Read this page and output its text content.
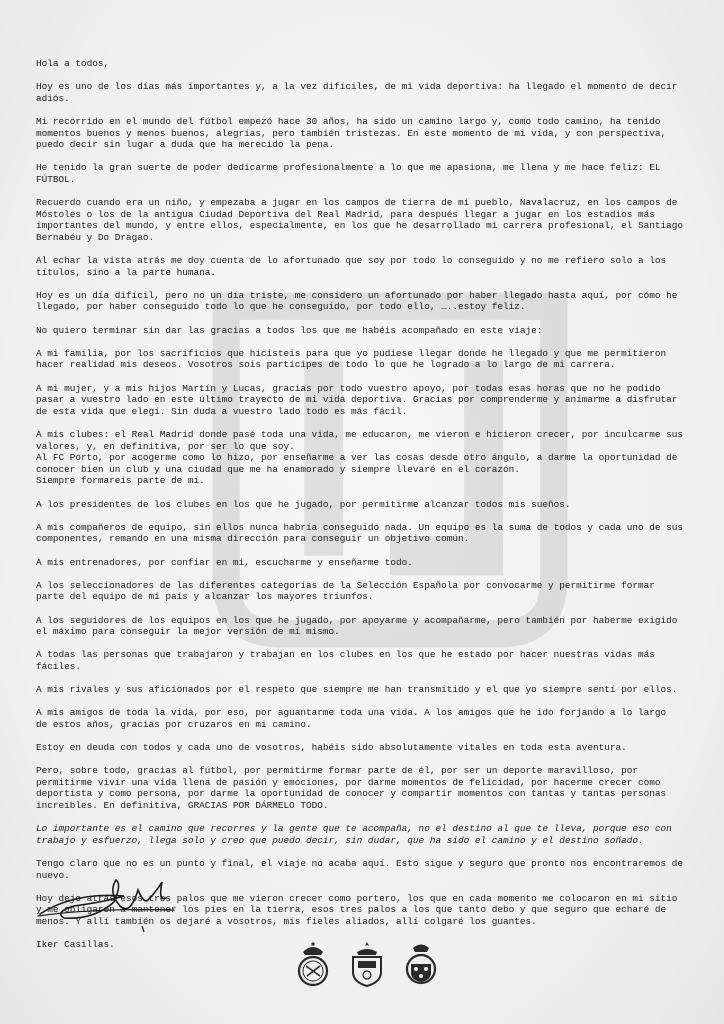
Hola a todos,

Hoy es uno de los días más importantes y, a la vez difíciles, de mi vida deportiva: ha llegado el momento de decir
adiós.

Mi recorrido en el mundo del fútbol empezó hace 30 años, ha sido un camino largo y, como todo camino, ha tenido
momentos buenos y menos buenos, alegrías, pero también tristezas. En este momento de mi vida, y con perspectiva,
puedo decir sin lugar a duda que ha merecido la pena.

He tenido la gran suerte de poder dedicarme profesionalmente a lo que me apasiona, me llena y me hace feliz: EL
FÚTBOL.

Recuerdo cuando era un niño, y empezaba a jugar en los campos de tierra de mi pueblo, Navalacruz, en los campos de
Móstoles o los de la antigua Ciudad Deportiva del Real Madrid, para después llegar a jugar en los estadios más
importantes del mundo, y entre ellos, especialmente, en los que he desarrollado mi carrera profesional, el Santiago
Bernabéu y Do Dragao.

Al echar la vista atrás me doy cuenta de lo afortunado que soy por todo lo conseguido y no me refiero solo a los
títulos, sino a la parte humana.

Hoy es un día difícil, pero no un día triste, me considero un afortunado por haber llegado hasta aquí, por cómo he
llegado, por haber conseguido todo lo que he conseguido, por todo ello, …..estoy feliz.

No quiero terminar sin dar las gracias a todos los que me habéis acompañado en este viaje:

A mi familia, por los sacrificios que hicisteis para que yo pudiese llegar donde he llegado y que me permitieron
hacer realidad mis deseos. Vosotros sois partícipes de todo lo que he logrado a lo largo de mi carrera.

A mi mujer, y a mis hijos Martín y Lucas, gracias por todo vuestro apoyo, por todas esas horas que no he podido
pasar a vuestro lado en este último trayecto de mi vida deportiva. Gracias por comprenderme y animarme a disfrutar
de esta vida que elegí. Sin duda a vuestro lado todo es más fácil.

A mis clubes: el Real Madrid donde pasé toda una vida, me educaron, me vieron e hicieron crecer, por inculcarme sus
valores, y, en definitiva, por ser lo que soy.
Al FC Porto, por acogerme como lo hizo, por enseñarme a ver las cosas desde otro ángulo, a darme la oportunidad de
conocer bien un club y una ciudad que me ha enamorado y siempre llevaré en el corazón.
Siempre formareis parte de mí.

A los presidentes de los clubes en los que he jugado, por permitirme alcanzar todos mis sueños.

A mis compañeros de equipo, sin ellos nunca habría conseguido nada. Un equipo es la suma de todos y cada uno de sus
componentes, remando en una misma dirección para conseguir un objetivo común.

A mis entrenadores, por confiar en mi, escucharme y enseñarme todo.

A los seleccionadores de las diferentes categorías de la Selección Española por convocarme y permitirme formar
parte del equipo de mi país y alcanzar los mayores triunfos.

A los seguidores de los equipos en los que he jugado, por apoyarme y acompañarme, pero también por haberme exigido
el máximo para conseguir la mejor versión de mí mismo.

A todas las personas que trabajaron y trabajan en los clubes en los que he estado por hacer nuestras vidas más
fáciles.

A mis rivales y sus aficionados por el respeto que siempre me han transmitido y el que yo siempre sentí por ellos.

A mis amigos de toda la vida, por eso, por aguantarme toda una vida. A los amigos que he ido forjando a lo largo
de estos años, gracias por cruzaros en mi camino.

Estoy en deuda con todos y cada uno de vosotros, habéis sido absolutamente vitales en toda esta aventura.

Pero, sobre todo, gracias al fútbol, por permitirme formar parte de él, por ser un deporte maravilloso, por
permitirme vivir una vida llena de pasión y emociones, por darme momentos de felicidad, por hacerme crecer como
deportista y como persona, por darme la oportunidad de conocer y compartir momentos con tantas y tantas personas
increíbles. En definitiva, GRACIAS POR DÁRMELO TODO.

Lo importante es el camino que recorres y la gente que te acompaña, no el destino al que te lleva, porque eso con
trabajo y esfuerzo, llega solo y creo que puedo decir, sin dudar, que ha sido el camino y el destino soñado.

Tengo claro que no es un punto y final, el viaje no acaba aquí. Esto sigue y seguro que pronto nos encontraremos de
nuevo.

Hoy dejo atrás esos tres palos que me vieron crecer como portero, los que en cada momento me colocaron en mi sitio
y me obligaron a mantener los pies en la tierra, esos tres palos a los que tanto debo y que seguro que echaré de
menos. Y allí también os dejaré a vosotros, mis fieles aliados, allí colgaré los guantes.

Iker Casillas.
